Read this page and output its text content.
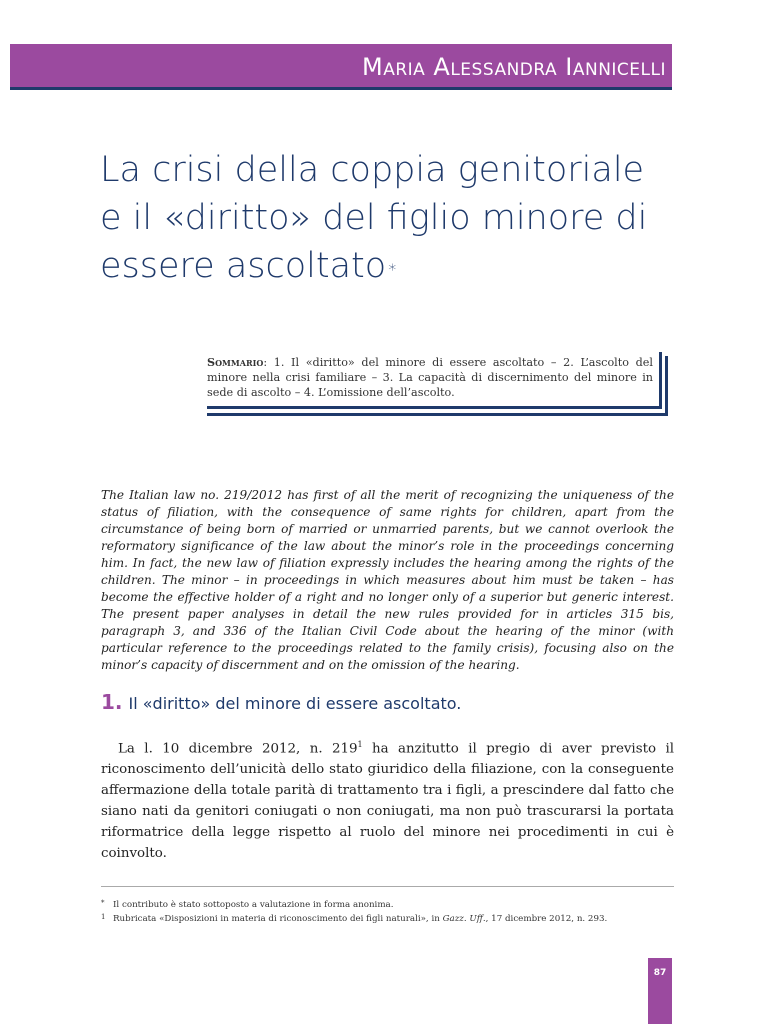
Maria Alessandra Iannicelli
La crisi della coppia genitoriale
e il «diritto» del figlio minore di
essere ascoltato *
Sommario: 1. Il «diritto» del minore di essere ascoltato – 2. L’ascolto del minore nella crisi familiare – 3. La capacità di discernimento del minore in sede di ascolto – 4. L’omissione dell’ascolto.
The Italian law no. 219/2012 has first of all the merit of recognizing the uniqueness of the status of filiation, with the consequence of same rights for children, apart from the circumstance of being born of married or unmarried parents, but we cannot overlook the reformatory significance of the law about the minor’s role in the proceedings concerning him. In fact, the new law of filiation expressly includes the hearing among the rights of the children. The minor – in proceedings in which measures about him must be taken – has become the effective holder of a right and no longer only of a superior but generic interest. The present paper analyses in detail the new rules provided for in articles 315 bis, paragraph 3, and 336 of the Italian Civil Code about the hearing of the minor (with particular reference to the proceedings related to the family crisis), focusing also on the minor’s capacity of discernment and on the omission of the hearing.
1. Il «diritto» del minore di essere ascoltato.
La l. 10 dicembre 2012, n. $219^1$ ha anzitutto il pregio di aver previsto il riconoscimento dell’unicità dello stato giuridico della filiazione, con la conseguente affermazione della totale parità di trattamento tra i figli, a prescindere dal fatto che siano nati da genitori coniugati o non coniugati, ma non può trascurarsi la portata riformatrice della legge rispetto al ruolo del minore nei procedimenti in cui è coinvolto.
* Il contributo è stato sottoposto a valutazione in forma anonima.
1 Rubricata «Disposizioni in materia di riconoscimento dei figli naturali», in Gazz. Uff., 17 dicembre 2012, n. 293.
87
